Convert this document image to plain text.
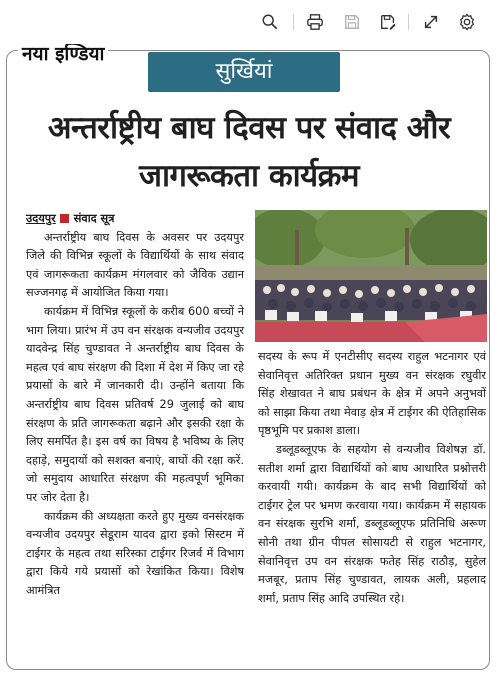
नया इण्डिया
सुर्खियां
अन्तर्राष्ट्रीय बाघ दिवस पर संवाद और
जागरूकता कार्यक्रम

उदयपुर संवाद सूत्र

अन्तर्राष्ट्रीय बाघ दिवस के अवसर पर उदयपुर जिले की विभिन्न स्कूलों के विद्यार्थियों के साथ संवाद एवं जागरूकता कार्यक्रम मंगलवार को जैविक उद्यान सज्जनगढ़ में आयोजित किया गया।

कार्यक्रम में विभिन्न स्कूलों के करीब 600 बच्चों ने भाग लिया। प्रारंभ में उप वन संरक्षक वन्यजीव उदयपुर यादवेन्द्र सिंह चुण्डावत ने अन्तर्राष्ट्रीय बाघ दिवस के महत्व एवं बाघ संरक्षण की दिशा में देश में किए जा रहे प्रयासों के बारे में जानकारी दी। उन्होंने बताया कि अन्तर्राष्ट्रीय बाघ दिवस प्रतिवर्ष 29 जुलाई को बाघ संरक्षण के प्रति जागरूकता बढ़ाने और इसकी रक्षा के लिए समर्पित है। इस वर्ष का विषय है भविष्य के लिए दहाड़े, समुदायों को सशक्त बनाएं, बाघों की रक्षा करें. जो समुदाय आधारित संरक्षण की महत्वपूर्ण भूमिका पर जोर देता है।

कार्यक्रम की अध्यक्षता करते हुए मुख्य वनसंरक्षक वन्यजीव उदयपुर सेडूराम यादव द्वारा इको सिस्टम में टाईगर के महत्व तथा सरिस्का टाईगर रिजर्व में विभाग द्वारा किये गये प्रयासों को रेखांकित किया। विशेष आमंत्रित

सदस्य के रूप में एनटीसीए सदस्य राहुल भटनागर एवं सेवानिवृत्त अतिरिक्त प्रधान मुख्य वन संरक्षक रघुवीर सिंह शेखावत ने बाघ प्रबंधन के क्षेत्र में अपने अनुभवों को साझा किया तथा मेवाड़ क्षेत्र में टाईगर की ऐतिहासिक पृष्ठभूमि पर प्रकाश डाला।

डब्लूडब्लूएफ के सहयोग से वन्यजीव विशेषज्ञ डॉ. सतीश शर्मा द्वारा विद्यार्थियों को बाघ आधारित प्रश्नोत्तरी करवायी गयी। कार्यक्रम के बाद सभी विद्यार्थियों को टाईगर ट्रेल पर भ्रमण करवाया गया। कार्यक्रम में सहायक वन संरक्षक सुरभि शर्मा, डब्लूडब्लूएफ प्रतिनिधि अरूण सोनी तथा ग्रीन पीपल सोसायटी से राहुल भटनागर, सेवानिवृत्त उप वन संरक्षक फतेह सिंह राठौड़, सुहेल मजबूर, प्रताप सिंह चुण्डावत, लायक अली, प्रहलाद शर्मा, प्रताप सिंह आदि उपस्थित रहे।
